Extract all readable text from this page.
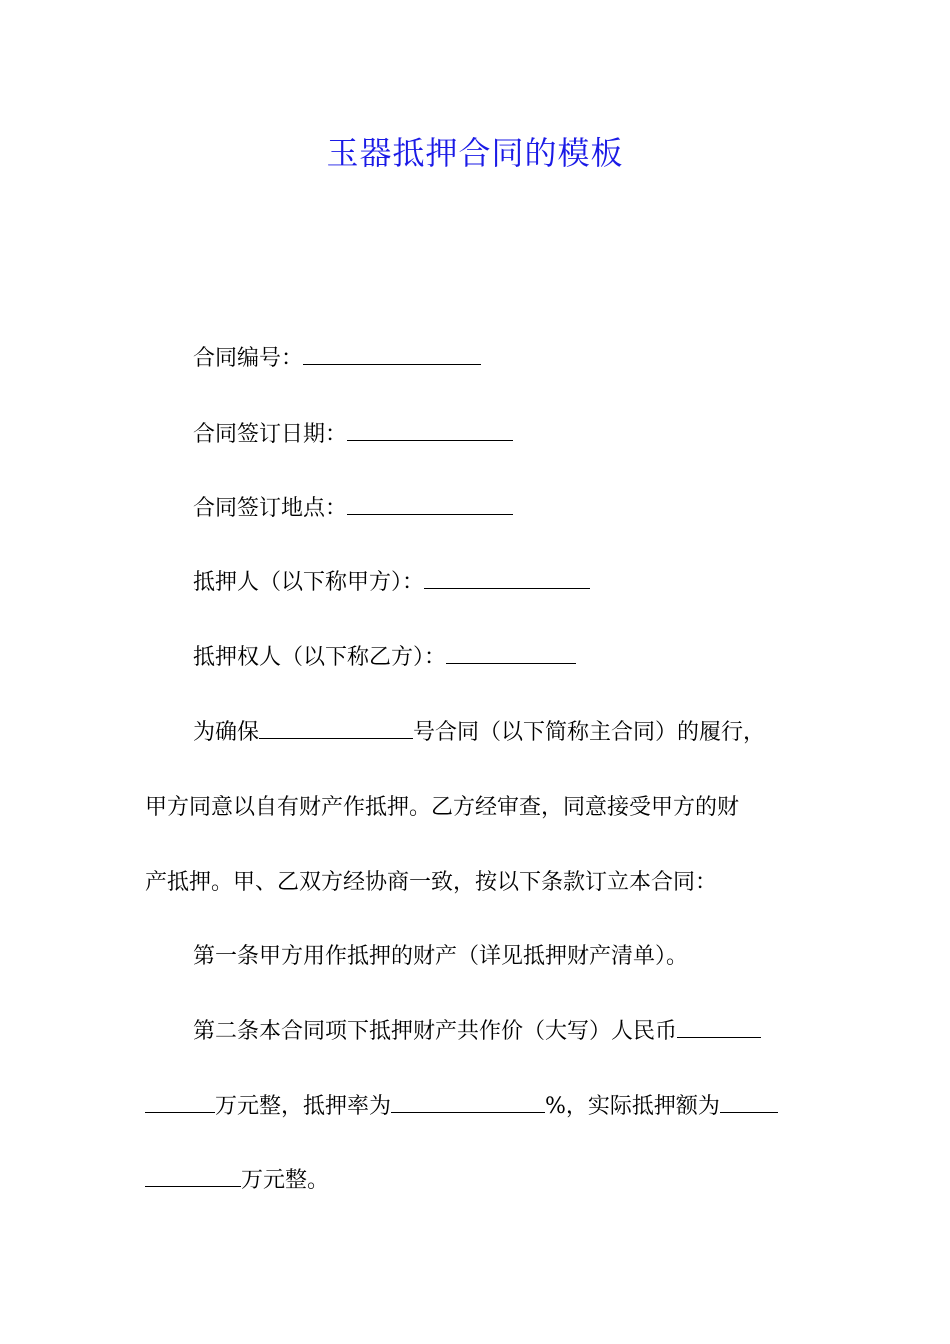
玉器抵押合同的模板
合同编号：
合同签订日期：
合同签订地点：
抵押人（以下称甲方）：
抵押权人（以下称乙方）：
为确保	号合同（以下简称主合同）的履行，
甲方同意以自有财产作抵押。乙方经审查，同意接受甲方的财
产抵押。甲、乙双方经协商一致，按以下条款订立本合同：
第一条甲方用作抵押的财产（详见抵押财产清单）。
第二条本合同项下抵押财产共作价（大写）人民币
万元整，抵押率为	%，实际抵押额为
万元整。
